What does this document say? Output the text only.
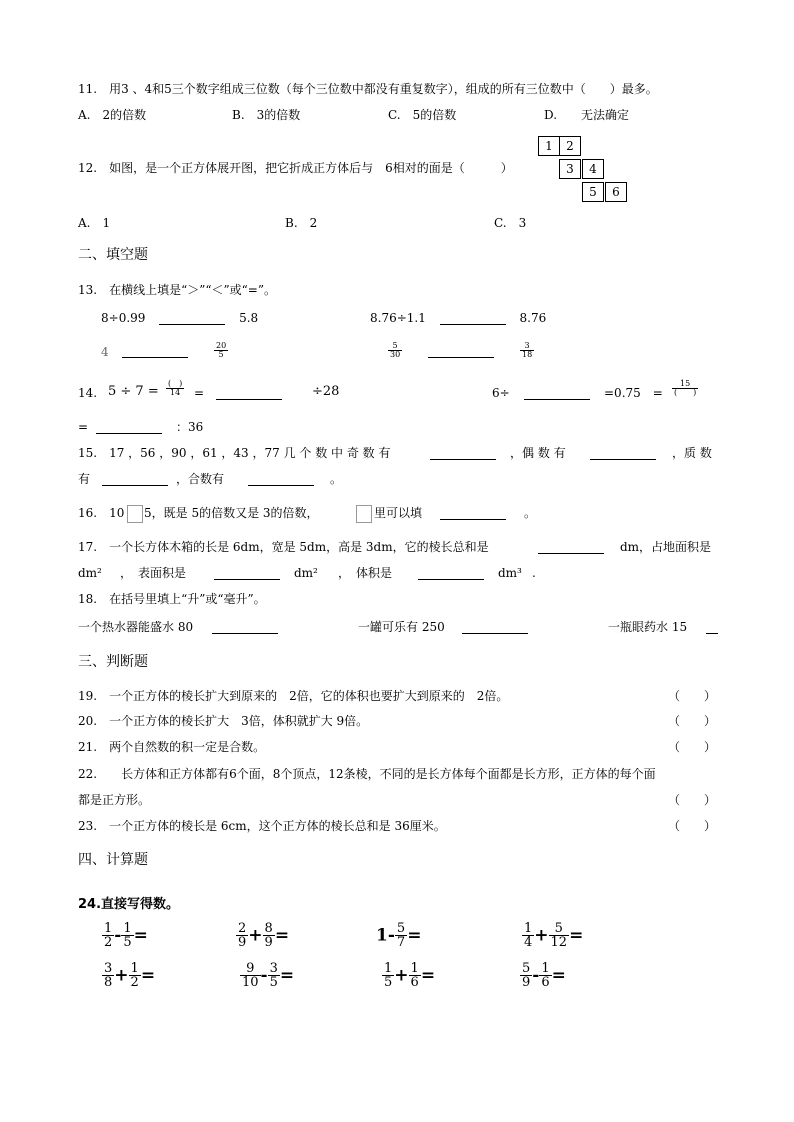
11.　用3 、4和5三个数字组成三位数（每个三位数中都没有重复数字），组成的所有三位数中（　　）最多。
A.　2的倍数	B.　3的倍数	C.　5的倍数	D.　　无法确定
12.　如图，是一个正方体展开图，把它折成正方体后与　6相对的面是（　　　）
1	2
3	4
5	6
A.　1	B.　2	C.　3
二、填空题
13.　在横线上填是“＞”“＜”或“=”。
8÷0.99	5.8	8.76÷1.1	8.76
4	$\frac{20}{5}$	$\frac{5}{30}$	$\frac{3}{18}$
14. $5 \div 7 = \frac{( )}{14}$ =	÷28	6÷	=0.75　= $\frac{15}{( )}$
=	：36
15.　17 ，56 ，90 ，61 ，43 ，77 几 个 数 中 奇 数 有	，偶 数 有	，质 数
有	，合数有	。
16.　10 5，既是 5的倍数又是 3的倍数，	里可以填	。
17.　一个长方体木箱的长是 6dm，宽是 5dm，高是 3dm，它的棱长总和是	dm，占地面积是
dm² ，　表面积是	dm² ，　体积是	dm³ .
18.　在括号里填上“升”或“毫升”。
一个热水器能盛水 80	一罐可乐有 250	一瓶眼药水 15
三、判断题
19.　一个正方体的棱长扩大到原来的　2倍，它的体积也要扩大到原来的　2倍。	（　　）
20.　一个正方体的棱长扩大　3倍，体积就扩大 9倍。	（　　）
21.　两个自然数的积一定是合数。	（　　）
22.　　长方体和正方体都有6个面，8个顶点，12条棱，不同的是长方体每个面都是长方形，正方体的每个面
都是正方形。	（　　）
23.　一个正方体的棱长是 6cm，这个正方体的棱长总和是 36厘米。	（　　）
四、计算题
24.直接写得数。
$\frac{1}{2} - \frac{1}{5}$ =	$\frac{2}{9} + \frac{8}{9}$ =	$1- \frac{5}{7}$ =	$\frac{1}{4} + \frac{5}{12}$ =
$\frac{3}{8} + \frac{1}{2}$ =	$\frac{9}{10} - \frac{3}{5}$ =	$\frac{1}{5} + \frac{1}{6}$ =	$\frac{5}{9} - \frac{1}{6}$ =
